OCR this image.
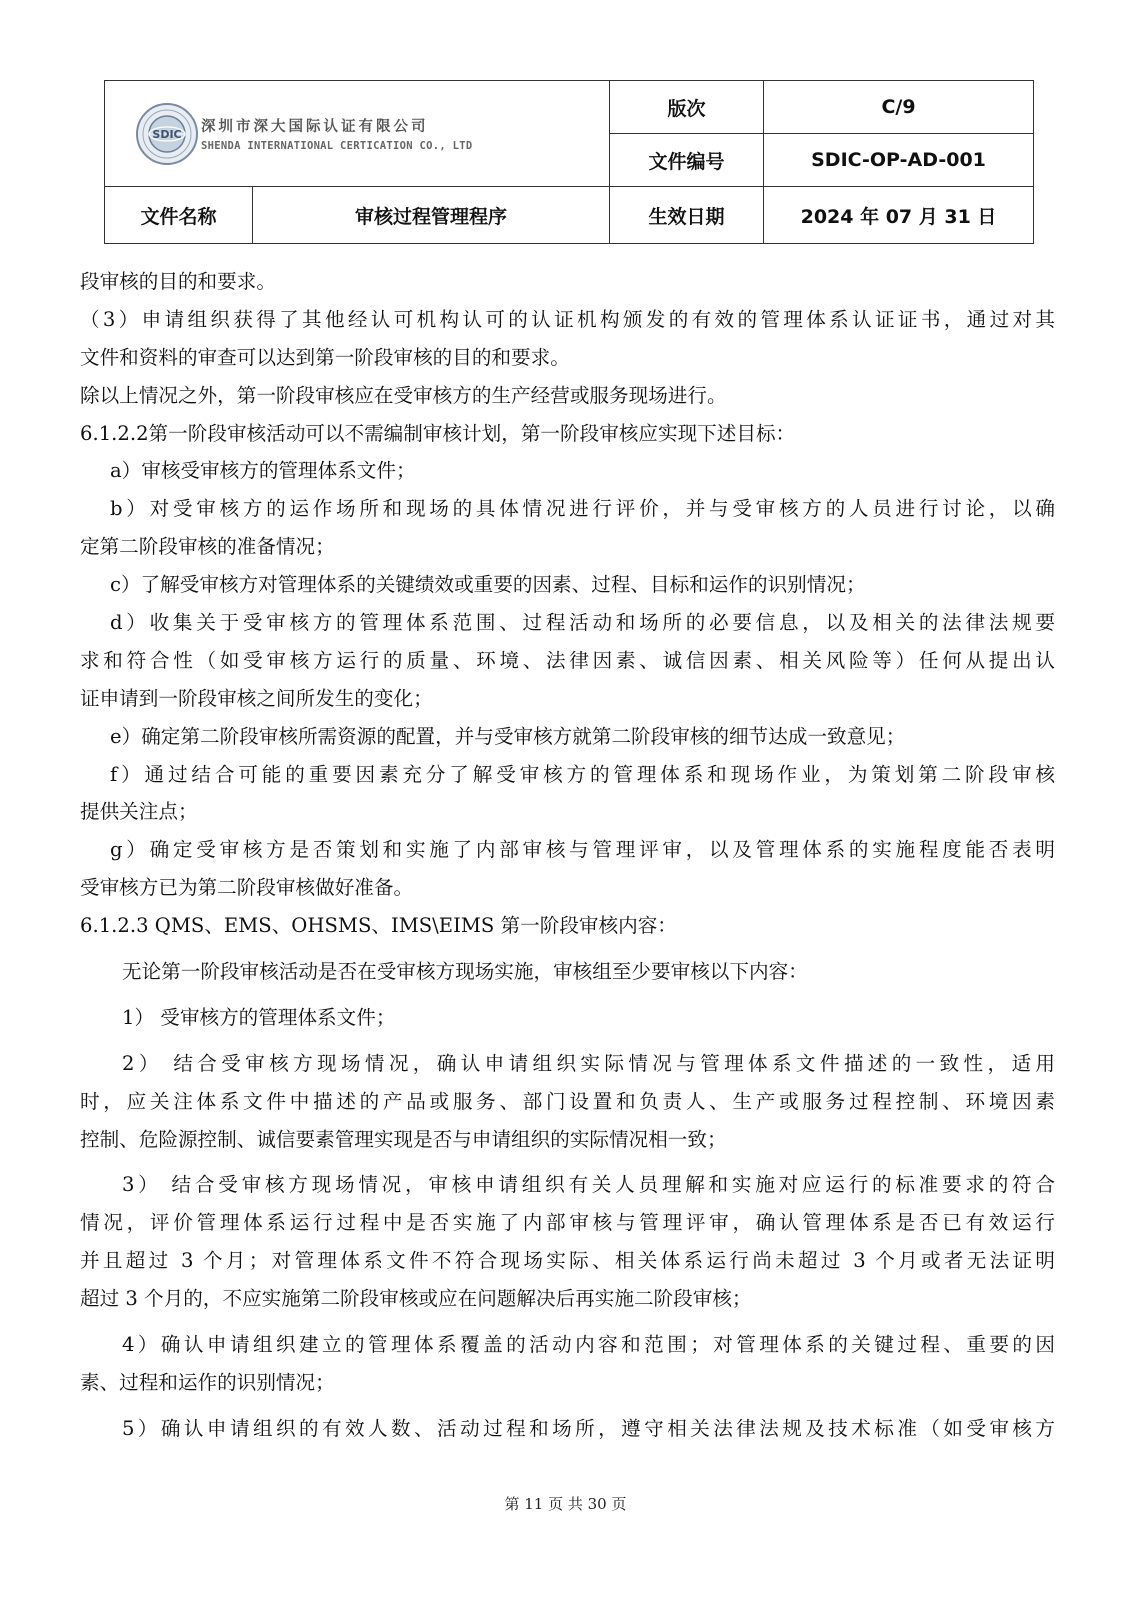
SDIC 深圳市深大国际认证有限公司
SHENDA INTERNATIONAL CERTICATION CO., LTD		版次	C/9
		文件编号	SDIC-OP-AD-001
文件名称	审核过程管理程序	生效日期	2024 年 07 月 31 日
段审核的目的和要求。
（3）申请组织获得了其他经认可机构认可的认证机构颁发的有效的管理体系认证证书，通过对其
文件和资料的审查可以达到第一阶段审核的目的和要求。
除以上情况之外，第一阶段审核应在受审核方的生产经营或服务现场进行。
6.1.2.2第一阶段审核活动可以不需编制审核计划，第一阶段审核应实现下述目标：
a）审核受审核方的管理体系文件；
b）对受审核方的运作场所和现场的具体情况进行评价，并与受审核方的人员进行讨论，以确
定第二阶段审核的准备情况；
c）了解受审核方对管理体系的关键绩效或重要的因素、过程、目标和运作的识别情况；
d）收集关于受审核方的管理体系范围、过程活动和场所的必要信息，以及相关的法律法规要
求和符合性（如受审核方运行的质量、环境、法律因素、诚信因素、相关风险等）任何从提出认
证申请到一阶段审核之间所发生的变化；
e）确定第二阶段审核所需资源的配置，并与受审核方就第二阶段审核的细节达成一致意见；
f）通过结合可能的重要因素充分了解受审核方的管理体系和现场作业，为策划第二阶段审核
提供关注点；
g）确定受审核方是否策划和实施了内部审核与管理评审，以及管理体系的实施程度能否表明
受审核方已为第二阶段审核做好准备。
6.1.2.3 QMS、EMS、OHSMS、IMS\EIMS 第一阶段审核内容：
无论第一阶段审核活动是否在受审核方现场实施，审核组至少要审核以下内容：
1） 受审核方的管理体系文件；
2） 结合受审核方现场情况，确认申请组织实际情况与管理体系文件描述的一致性，适用
时，应关注体系文件中描述的产品或服务、部门设置和负责人、生产或服务过程控制、环境因素
控制、危险源控制、诚信要素管理实现是否与申请组织的实际情况相一致；
3） 结合受审核方现场情况，审核申请组织有关人员理解和实施对应运行的标准要求的符合
情况，评价管理体系运行过程中是否实施了内部审核与管理评审，确认管理体系是否已有效运行
并且超过 3 个月；对管理体系文件不符合现场实际、相关体系运行尚未超过 3 个月或者无法证明
超过 3 个月的，不应实施第二阶段审核或应在问题解决后再实施二阶段审核；
4）确认申请组织建立的管理体系覆盖的活动内容和范围；对管理体系的关键过程、重要的因
素、过程和运作的识别情况；
5）确认申请组织的有效人数、活动过程和场所，遵守相关法律法规及技术标准（如受审核方
第 11 页 共 30 页
